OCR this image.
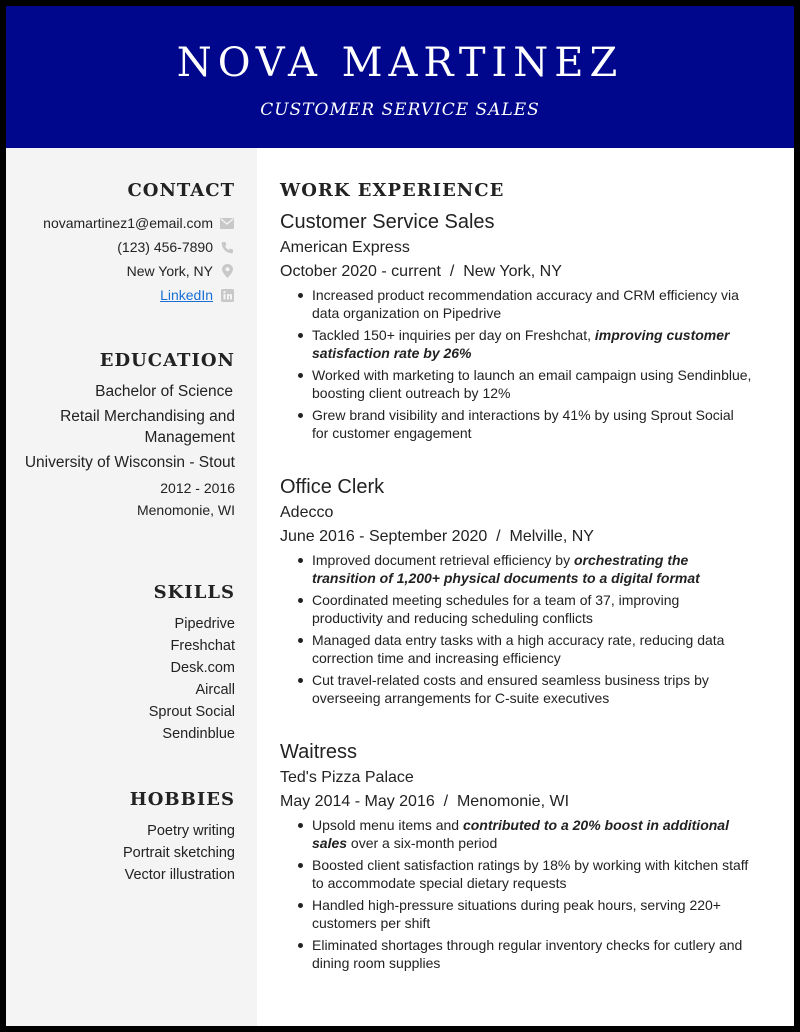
NOVA MARTINEZ
CUSTOMER SERVICE SALES
CONTACT
novamartinez1@email.com
(123) 456-7890
New York, NY
LinkedIn
EDUCATION
Bachelor of Science
Retail Merchandising and Management
University of Wisconsin - Stout
2012 - 2016
Menomonie, WI
SKILLS
Pipedrive
Freshchat
Desk.com
Aircall
Sprout Social
Sendinblue
HOBBIES
Poetry writing
Portrait sketching
Vector illustration
WORK EXPERIENCE
Customer Service Sales
American Express
October 2020 - current  /  New York, NY
Increased product recommendation accuracy and CRM efficiency via data organization on Pipedrive
Tackled 150+ inquiries per day on Freshchat, improving customer satisfaction rate by 26%
Worked with marketing to launch an email campaign using Sendinblue, boosting client outreach by 12%
Grew brand visibility and interactions by 41% by using Sprout Social for customer engagement
Office Clerk
Adecco
June 2016 - September 2020  /  Melville, NY
Improved document retrieval efficiency by orchestrating the transition of 1,200+ physical documents to a digital format
Coordinated meeting schedules for a team of 37, improving productivity and reducing scheduling conflicts
Managed data entry tasks with a high accuracy rate, reducing data correction time and increasing efficiency
Cut travel-related costs and ensured seamless business trips by overseeing arrangements for C-suite executives
Waitress
Ted's Pizza Palace
May 2014 - May 2016  /  Menomonie, WI
Upsold menu items and contributed to a 20% boost in additional sales over a six-month period
Boosted client satisfaction ratings by 18% by working with kitchen staff to accommodate special dietary requests
Handled high-pressure situations during peak hours, serving 220+ customers per shift
Eliminated shortages through regular inventory checks for cutlery and dining room supplies
